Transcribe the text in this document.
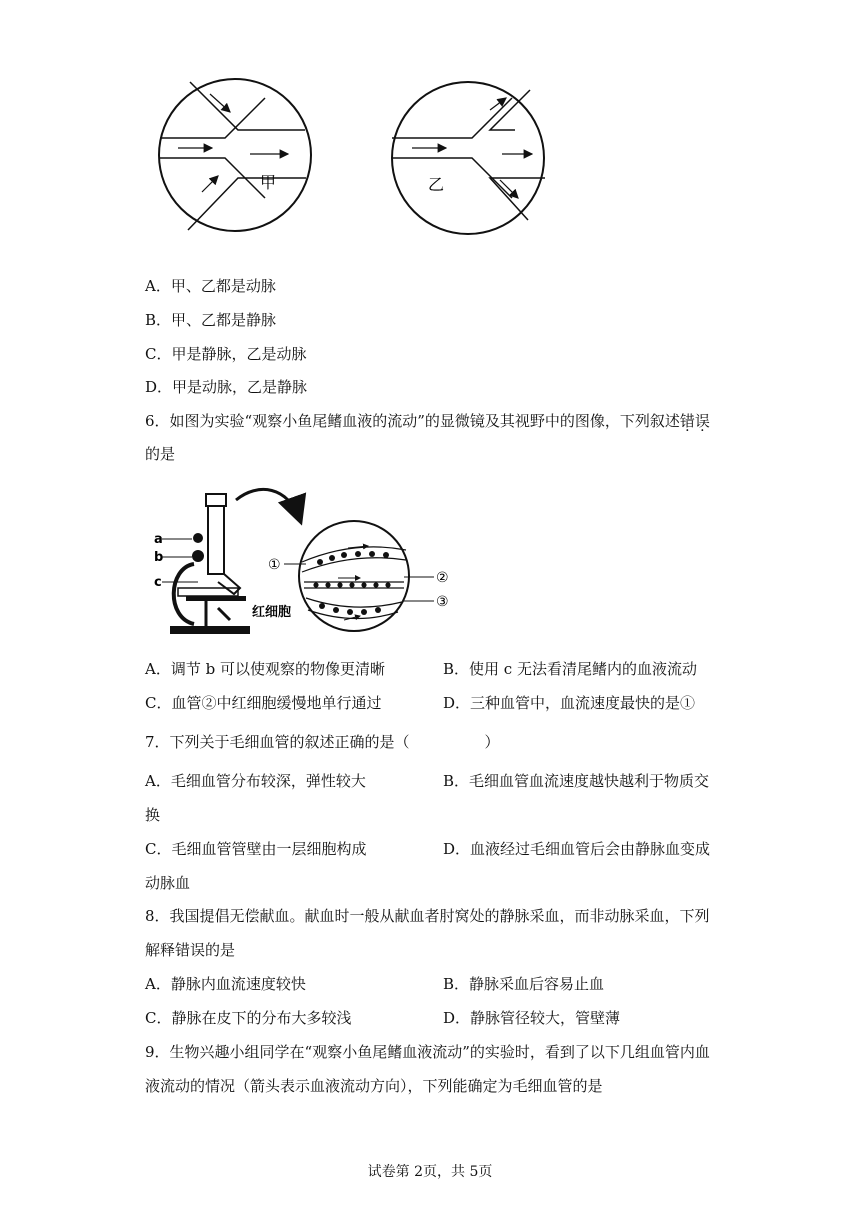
甲	乙
A．甲、乙都是动脉
B．甲、乙都是静脉
C．甲是静脉，乙是动脉
D．甲是动脉，乙是静脉
6．如图为实验“观察小鱼尾鳍血液的流动”的显微镜及其视野中的图像，下列叙述错误
的是
a
b
c
红细胞
①
②
③
A．调节 b 可以使观察的物像更清晰	B．使用 c 无法看清尾鳍内的血液流动
C．血管②中红细胞缓慢地单行通过	D．三种血管中，血流速度最快的是①
7．下列关于毛细血管的叙述正确的是（　　　　　）
A．毛细血管分布较深，弹性较大	B．毛细血管血流速度越快越利于物质交
换
C．毛细血管管壁由一层细胞构成	D．血液经过毛细血管后会由静脉血变成
动脉血
8．我国提倡无偿献血。献血时一般从献血者肘窝处的静脉采血，而非动脉采血，下列
解释错误的是
A．静脉内血流速度较快	B．静脉采血后容易止血
C．静脉在皮下的分布大多较浅	D．静脉管径较大，管壁薄
9．生物兴趣小组同学在“观察小鱼尾鳍血液流动”的实验时，看到了以下几组血管内血
液流动的情况（箭头表示血液流动方向），下列能确定为毛细血管的是
试卷第 2页，共 5页
